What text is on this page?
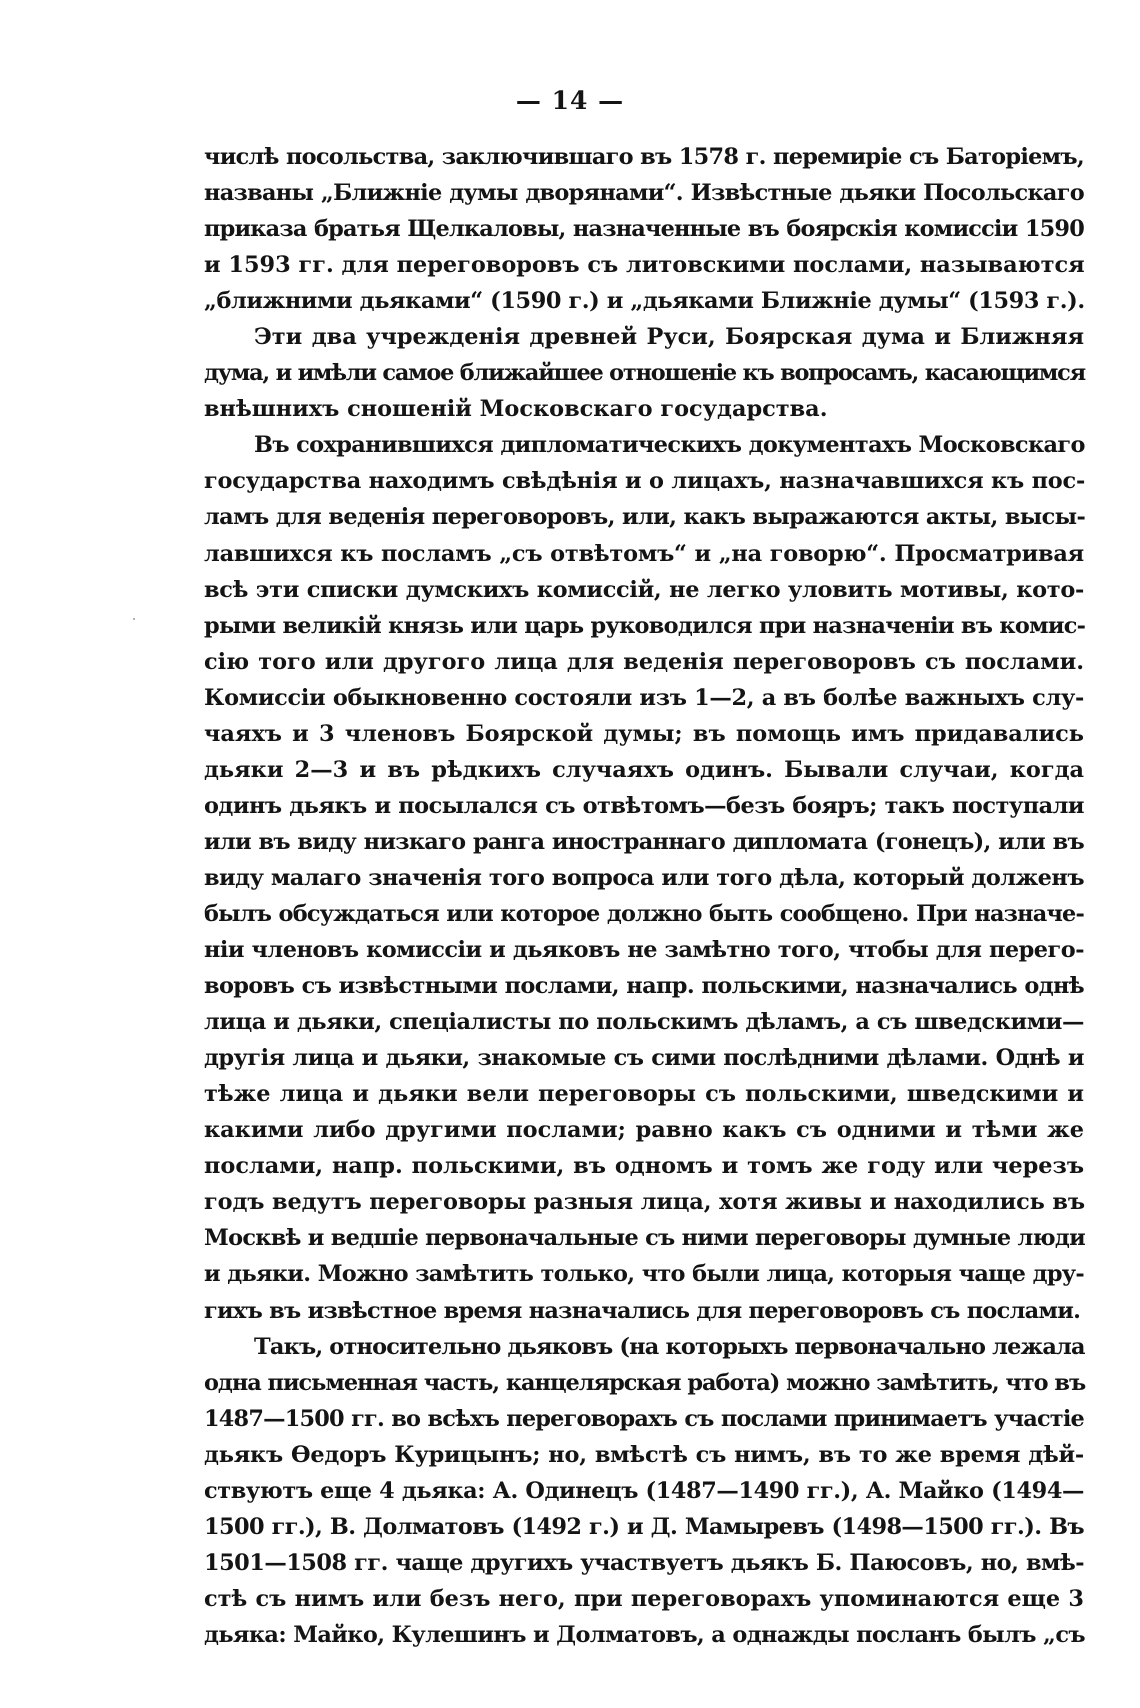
— 14 —
числѣ посольства, заключившаго въ 1578 г. перемиріе съ Баторіемъ,
названы „Ближніе думы дворянами“. Извѣстные дьяки Посольскаго
приказа братья Щелкаловы, назначенные въ боярскія комиссіи 1590
и 1593 гг. для переговоровъ съ литовскими послами, называются
„ближними дьяками“ (1590 г.) и „дьяками Ближніе думы“ (1593 г.).
Эти два учрежденія древней Руси, Боярская дума и Ближняя
дума, и имѣли самое ближайшее отношеніе къ вопросамъ, касающимся
внѣшнихъ сношеній Московскаго государства.
Въ сохранившихся дипломатическихъ документахъ Московскаго
государства находимъ свѣдѣнія и о лицахъ, назначавшихся къ пос-
ламъ для веденія переговоровъ, или, какъ выражаются акты, высы-
лавшихся къ посламъ „съ отвѣтомъ“ и „на говорю“. Просматривая
всѣ эти списки думскихъ комиссій, не легко уловить мотивы, кото-
рыми великій князь или царь руководился при назначеніи въ комис-
сію того или другого лица для веденія переговоровъ съ послами.
Комиссіи обыкновенно состояли изъ 1—2, а въ болѣе важныхъ слу-
чаяхъ и 3 членовъ Боярской думы; въ помощь имъ придавались
дьяки 2—3 и въ рѣдкихъ случаяхъ одинъ. Бывали случаи, когда
одинъ дьякъ и посылался съ отвѣтомъ—безъ бояръ; такъ поступали
или въ виду низкаго ранга иностраннаго дипломата (гонецъ), или въ
виду малаго значенія того вопроса или того дѣла, который долженъ
былъ обсуждаться или которое должно быть сообщено. При назначе-
ніи членовъ комиссіи и дьяковъ не замѣтно того, чтобы для перего-
воровъ съ извѣстными послами, напр. польскими, назначались однѣ
лица и дьяки, спеціалисты по польскимъ дѣламъ, а съ шведскими—
другія лица и дьяки, знакомые съ сими послѣдними дѣлами. Однѣ и
тѣже лица и дьяки вели переговоры съ польскими, шведскими и
какими либо другими послами; равно какъ съ одними и тѣми же
послами, напр. польскими, въ одномъ и томъ же году или черезъ
годъ ведутъ переговоры разныя лица, хотя живы и находились въ
Москвѣ и ведшіе первоначальные съ ними переговоры думные люди
и дьяки. Можно замѣтить только, что были лица, которыя чаще дру-
гихъ въ извѣстное время назначались для переговоровъ съ послами.
Такъ, относительно дьяковъ (на которыхъ первоначально лежала
одна письменная часть, канцелярская работа) можно замѣтить, что въ
1487—1500 гг. во всѣхъ переговорахъ съ послами принимаетъ участіе
дьякъ Ѳедоръ Курицынъ; но, вмѣстѣ съ нимъ, въ то же время дѣй-
ствуютъ еще 4 дьяка: А. Одинецъ (1487—1490 гг.), А. Майко (1494—
1500 гг.), В. Долматовъ (1492 г.) и Д. Мамыревъ (1498—1500 гг.). Въ
1501—1508 гг. чаще другихъ участвуетъ дьякъ Б. Паюсовъ, но, вмѣ-
стѣ съ нимъ или безъ него, при переговорахъ упоминаются еще 3
дьяка: Майко, Кулешинъ и Долматовъ, а однажды посланъ былъ „съ
